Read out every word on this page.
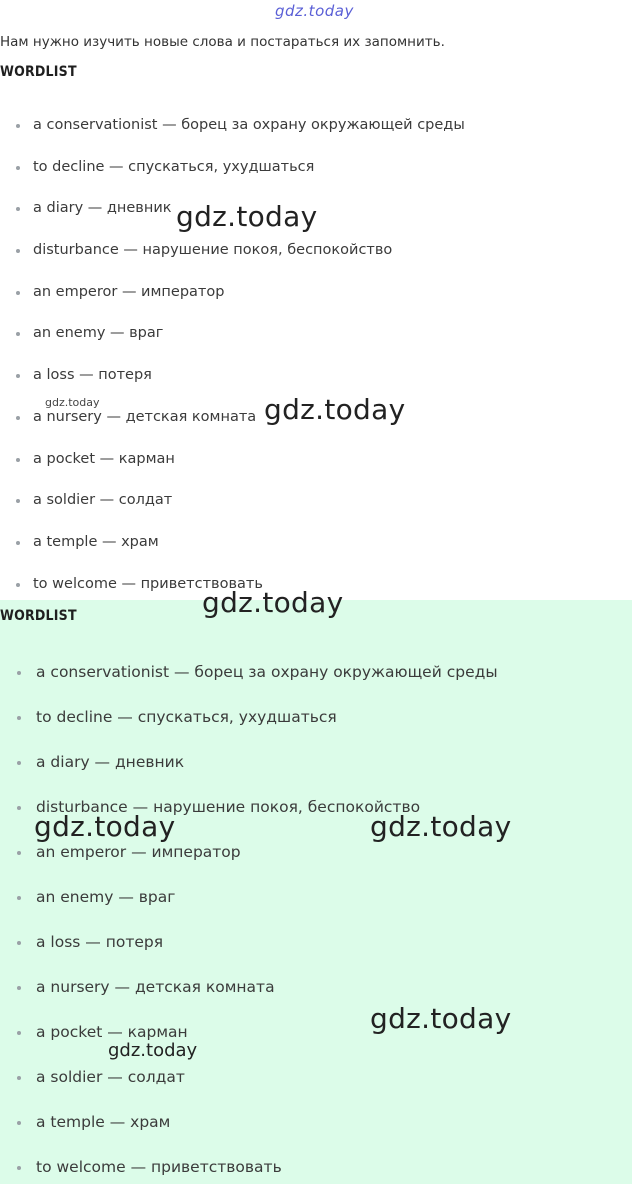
gdz.today
Нам нужно изучить новые слова и постараться их запомнить.
WORDLIST
a conservationist — борец за охрану окружающей среды
to decline — спускаться, ухудшаться
a diary — дневник
disturbance — нарушение покоя, беспокойство
an emperor — император
an enemy — враг
a loss — потеря
a nursery — детская комната
a pocket — карман
a soldier — солдат
a temple — храм
to welcome — приветствовать
WORDLIST
a conservationist — борец за охрану окружающей среды
to decline — спускаться, ухудшаться
a diary — дневник
disturbance — нарушение покоя, беспокойство
an emperor — император
an enemy — враг
a loss — потеря
a nursery — детская комната
a pocket — карман
a soldier — солдат
a temple — храм
to welcome — приветствовать
gdz.today
gdz.today	gdz.today
gdz.today
gdz.today	gdz.today
gdz.today
gdz.today
